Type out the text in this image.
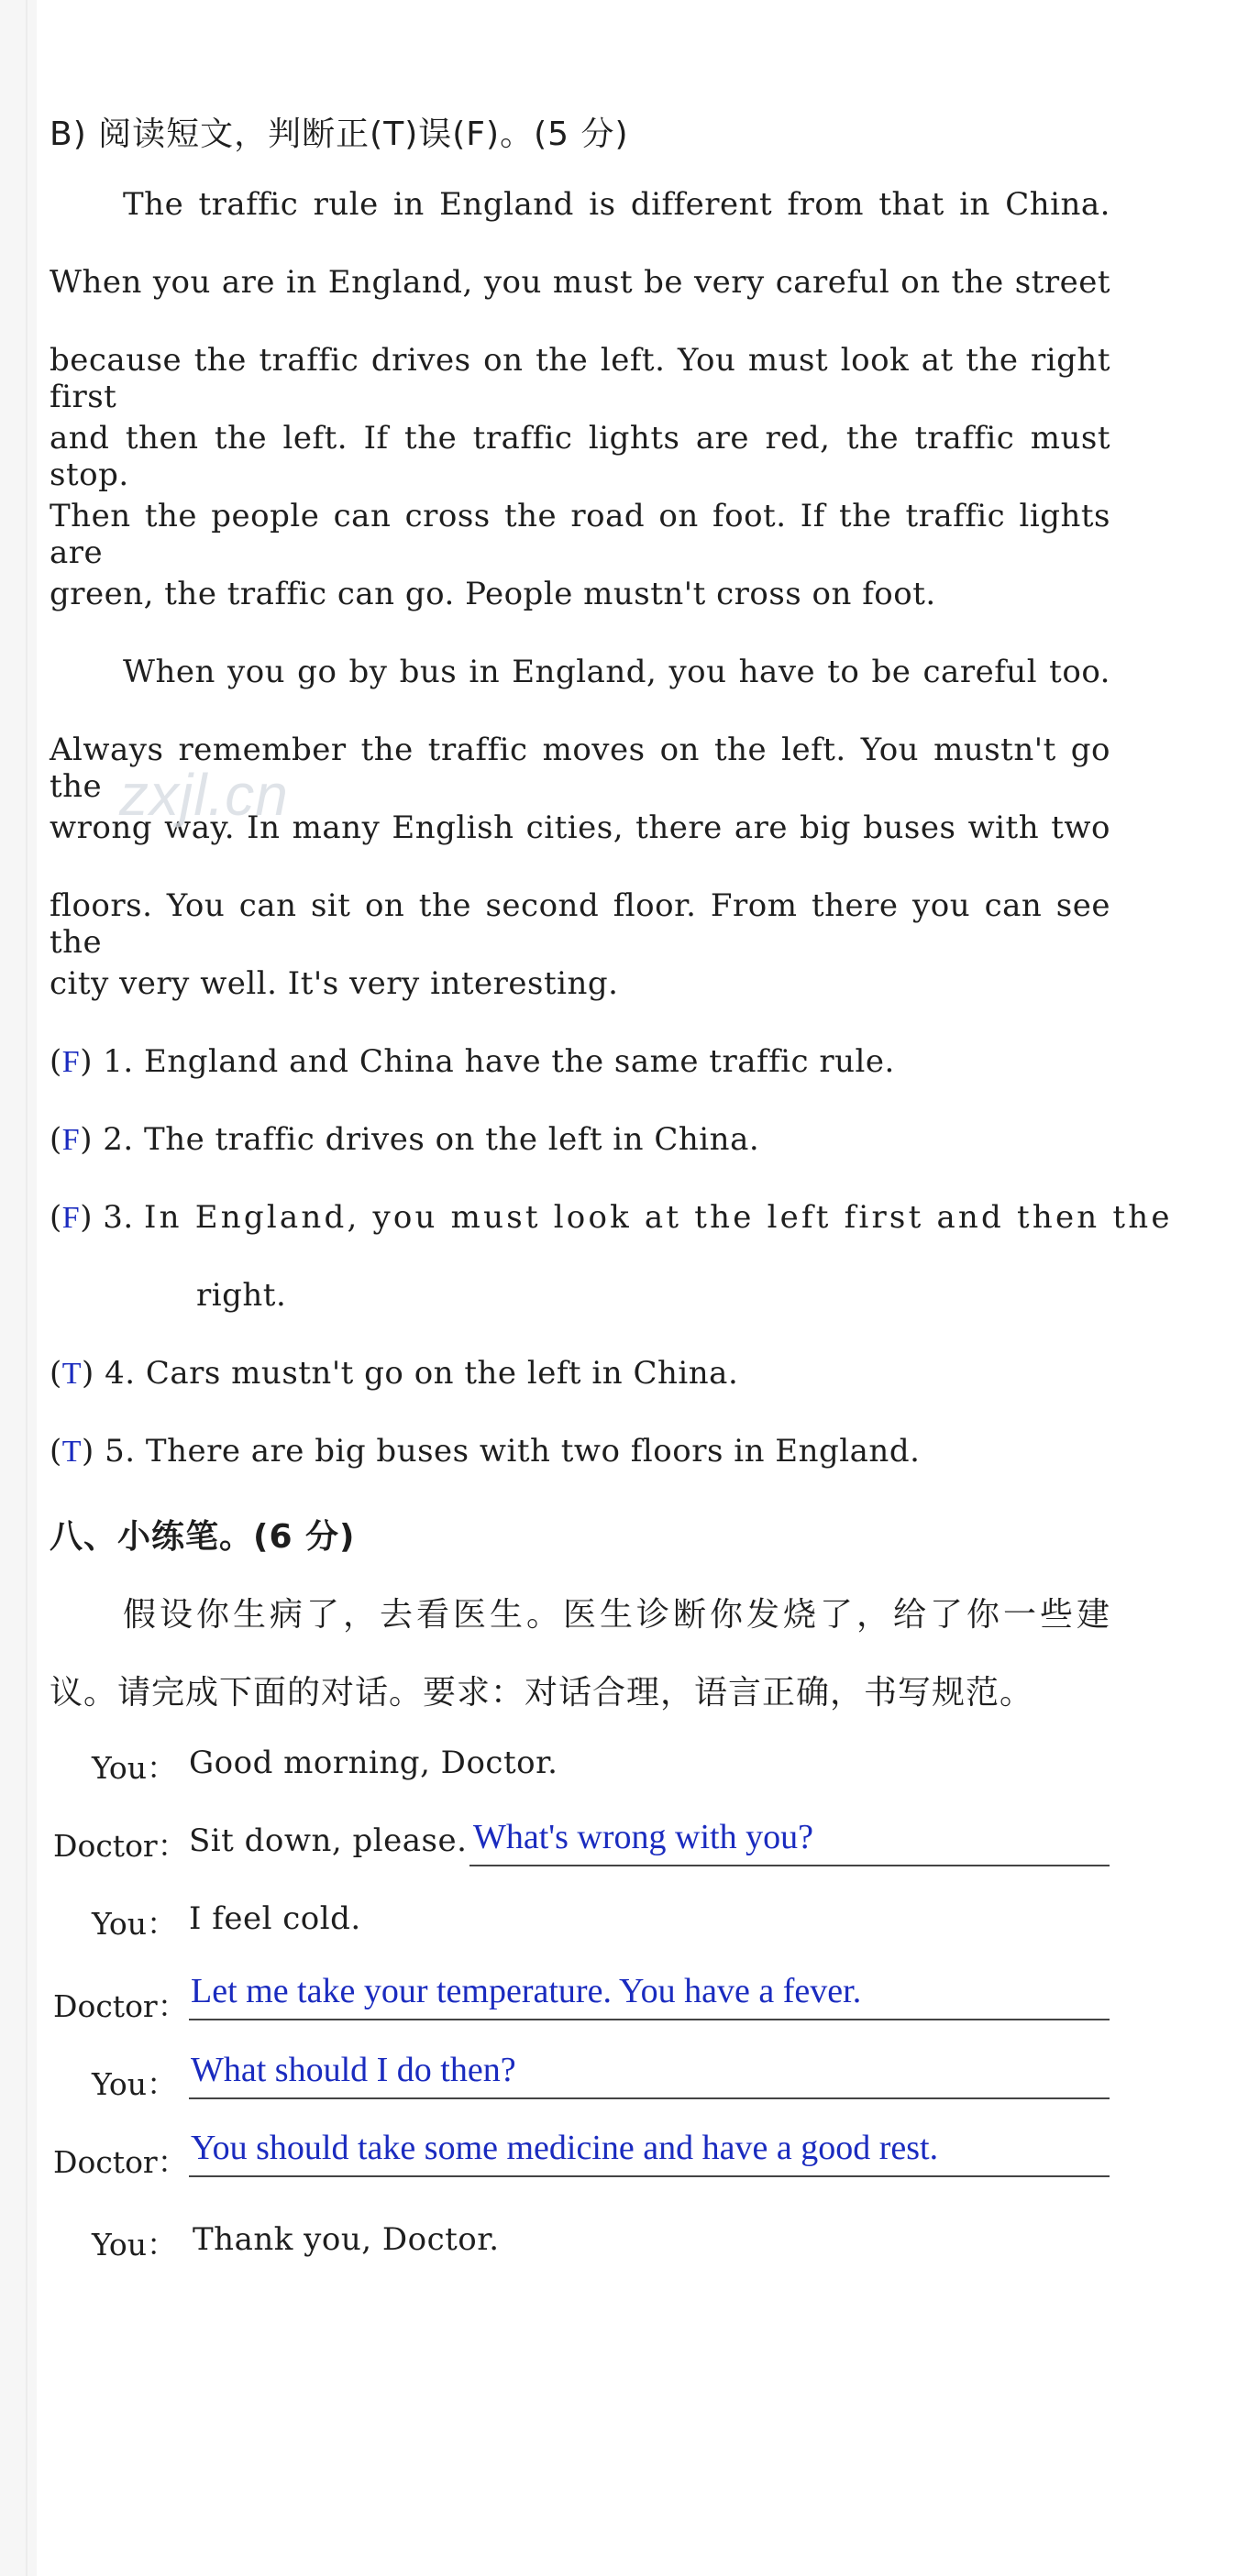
B) 阅读短文，判断正(T)误(F)。(5 分)
The traffic rule in England is different from that in China.
When you are in England, you must be very careful on the street
because the traffic drives on the left. You must look at the right first
and then the left. If the traffic lights are red, the traffic must stop.
Then the people can cross the road on foot. If the traffic lights are
green, the traffic can go. People mustn't cross on foot.
When you go by bus in England, you have to be careful too.
Always remember the traffic moves on the left. You mustn't go the
wrong way. In many English cities, there are big buses with two
floors. You can sit on the second floor. From there you can see the
city very well. It's very interesting.
zxjl.cn
(F) 1. England and China have the same traffic rule.
(F) 2. The traffic drives on the left in China.
(F) 3. In England, you must look at the left first and then the
right.
(T) 4. Cars mustn't go on the left in China.
(T) 5. There are big buses with two floors in England.
八、小练笔。(6 分)
假设你生病了，去看医生。医生诊断你发烧了，给了你一些建
议。请完成下面的对话。要求：对话合理，语言正确，书写规范。
You： Good morning, Doctor.
Doctor： Sit down, please. What's wrong with you?
You： I feel cold.
Doctor： Let me take your temperature. You have a fever.
You： What should I do then?
Doctor： You should take some medicine and have a good rest.
You： Thank you, Doctor.
